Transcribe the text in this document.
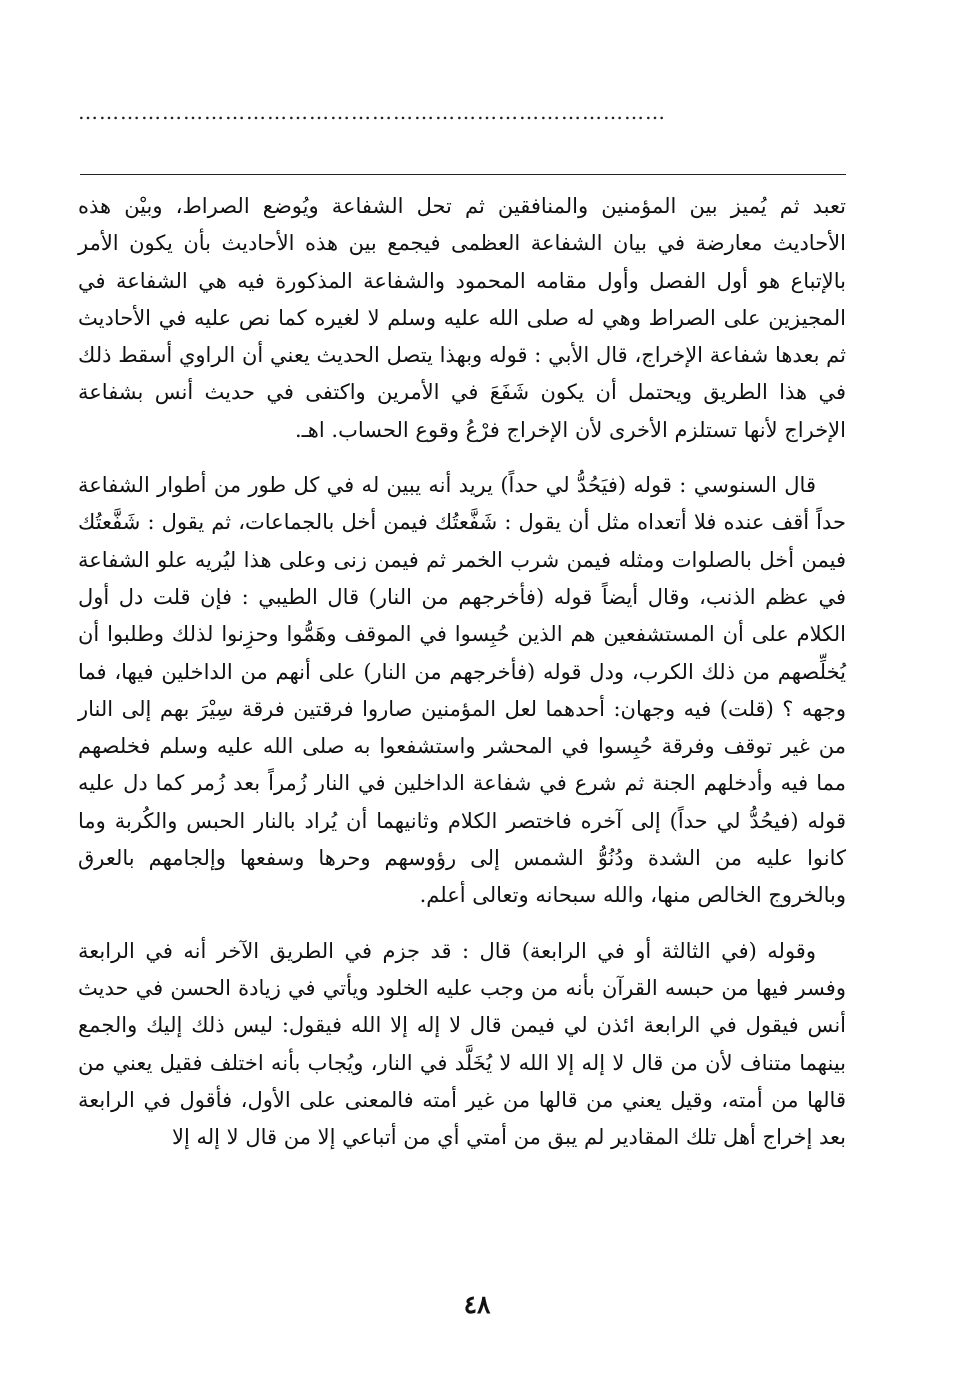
…………………………………………………………………………

تعبد ثم يُميز بين المؤمنين والمنافقين ثم تحل الشفاعة ويُوضع الصراط، وبيْن هذه الأحاديث معارضة في بيان الشفاعة العظمى فيجمع بين هذه الأحاديث بأن يكون الأمر بالإتباع هو أول الفصل وأول مقامه المحمود والشفاعة المذكورة فيه هي الشفاعة في المجيزين على الصراط وهي له صلى الله عليه وسلم لا لغيره كما نص عليه في الأحاديث ثم بعدها شفاعة الإخراج، قال الأبي : قوله وبهذا يتصل الحديث يعني أن الراوي أسقط ذلك في هذا الطريق ويحتمل أن يكون شَفَعَ في الأمرين واكتفى في حديث أنس بشفاعة الإخراج لأنها تستلزم الأخرى لأن الإخراج فرْعُ وقوع الحساب. اهـ.

قال السنوسي : قوله (فيَحُدُّ لي حداً) يريد أنه يبين له في كل طور من أطوار الشفاعة حداً أقف عنده فلا أتعداه مثل أن يقول : شَفَّعتُك فيمن أخل بالجماعات، ثم يقول : شَفَّعتُك فيمن أخل بالصلوات ومثله فيمن شرب الخمر ثم فيمن زنى وعلى هذا ليُريه علو الشفاعة في عظم الذنب، وقال أيضاً قوله (فأخرجهم من النار) قال الطيبي : فإن قلت دل أول الكلام على أن المستشفعين هم الذين حُبِسوا في الموقف وهَمُّوا وحزِنوا لذلك وطلبوا أن يُخلِّصهم من ذلك الكرب، ودل قوله (فأخرجهم من النار) على أنهم من الداخلين فيها، فما وجهه ؟ (قلت) فيه وجهان: أحدهما لعل المؤمنين صاروا فرقتين فرقة سِيْرَ بهم إلى النار من غير توقف وفرقة حُبِسوا في المحشر واستشفعوا به صلى الله عليه وسلم فخلصهم مما فيه وأدخلهم الجنة ثم شرع في شفاعة الداخلين في النار زُمراً بعد زُمر كما دل عليه قوله (فيحُدُّ لي حداً) إلى آخره فاختصر الكلام وثانيهما أن يُراد بالنار الحبس والكُربة وما كانوا عليه من الشدة ودُنُوُّ الشمس إلى رؤوسهم وحرها وسفعها وإلجامهم بالعرق وبالخروج الخالص منها، والله سبحانه وتعالى أعلم.

وقوله (في الثالثة أو في الرابعة) قال : قد جزم في الطريق الآخر أنه في الرابعة وفسر فيها من حبسه القرآن بأنه من وجب عليه الخلود ويأتي في زيادة الحسن في حديث أنس فيقول في الرابعة ائذن لي فيمن قال لا إله إلا الله فيقول: ليس ذلك إليك والجمع بينهما متناف لأن من قال لا إله إلا الله لا يُخَلَّد في النار، ويُجاب بأنه اختلف فقيل يعني من قالها من أمته، وقيل يعني من قالها من غير أمته فالمعنى على الأول، فأقول في الرابعة بعد إخراج أهل تلك المقادير لم يبق من أمتي أي من أتباعي إلا من قال لا إله إلا

٤٨
